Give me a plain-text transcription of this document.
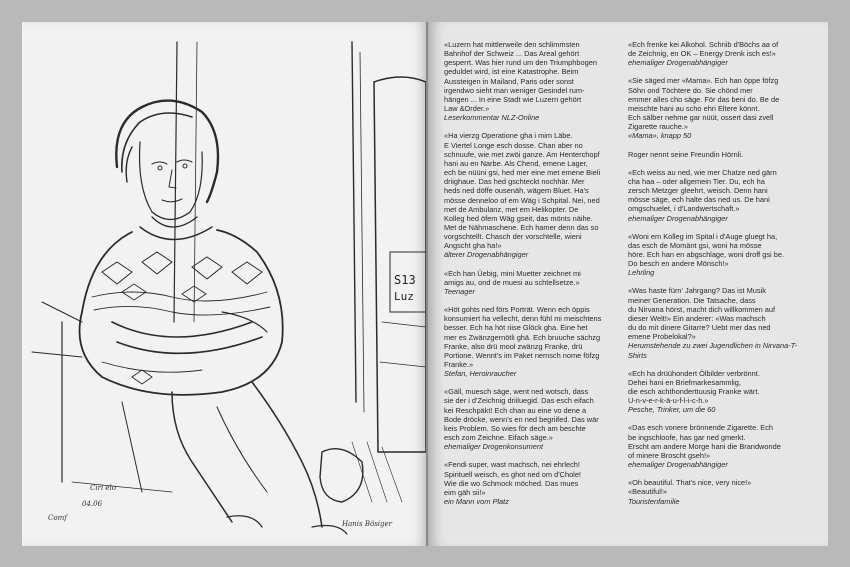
S13
Luz
Cirl elo
04.06
Comf
Hanis Bösiger
«Luzern hat mittlerweile den schlimmsten
Bahnhof der Schweiz ... Das Areal gehört
gesperrt. Was hier rund um den Triumphbogen
geduldet wird, ist eine Katastrophe. Beim
Aussteigen in Mailand, Paris oder sonst
irgendwo sieht man weniger Gesindel rum-
hängen ... In eine Stadt wie Luzern gehört
Law &Order.»
Leserkommentar NLZ-Online
«Ha vierzg Operatione gha i mim Läbe.
E Viertel Longe esch dosse. Chan aber no
schnuufe, wie met zwöi ganze. Am Henterchopf
hani au en Narbe. Als Chend, emene Lager,
ech be nüüni gsi, hed mer eine met emene Bieli
driighaue. Das hed gschteckt nochhär. Mer
heds ned döffe ousenäh, wägem Bluet. Ha's
mösse denneloo of em Wäg i Schpital. Nei, ned
met de Ambulanz, met em Helikopter. De
Kolleg hed öfem Wäg gseit, das mönts näihe.
Met de Nähmaschene. Ech hamer denn das so
vorgschtellt. Chasch der vorschtelle, wieni
Angscht gha ha!»
älterer Drogenabhängiger
«Ech han Üebig, mini Muetter zeichnet mi
amigs au, ond de muesi au schtellsetze.»
Teenager
«Höt gohts ned förs Porträt. Wenn ech öppis
konsumiert ha vellecht, denn fühl mi meischtens
besser. Ech ha höt riise Glöck gha. Eine het
mer es Zwänzgernötli ghä. Ech bruuche sächzg
Franke, also drü mool zwänzg Franke, drü
Portione. Wennt's im Paket nemsch nome föfzg
Franke.»
Stefan, Heroinraucher
«Gäll, muesch säge, went ned wotsch, dass
sie der i d'Zeichnig driiluegid. Das esch eifach
kei Reschpäkt! Ech chan au eine vo dene a
Bode dröcke, wenn's en ned begriifed. Das wär
keis Problem. So wies för dech am beschte
esch zom Zeichne. Eifach säge.»
ehemaliger Drogenkonsument
«Fendi super, wast machsch, nei ehrlech!
Spirituell weisch, es ghot ned om d'Chole!
Wie die wo Schmock möched. Das mues
eim gäh sii!»
ein Mann vom Platz
«Ech frenke kei Alkohol. Schriib d'Böchs aa of
de Zeichnig, en OK – Energy Drenk isch es!»
ehemaliger Drogenabhängiger
«Sie säged mer «Mama». Ech han öppe föfzg
Söhn ond Töchtere do. Sie chönd mer
emmer alles cho säge. För das beni do. Be de
meischte hani au scho ehri Eltere könnt.
Ech sälber nehme gar nüüt, ossert dasi zvell
Zigarette rauche.»
«Mama», knapp 50
Roger nennt seine Freundin Hörnli.
«Ech weiss au ned, wie mer Chatze ned gärn
cha haa – oder allgemein Tier. Du, ech ha
zersch Metzger gleehrt, weisch. Denn hani
mösse säge, ech halte das ned us. De hani
omgschuelet, i d'Landwertschaft.»
ehemaliger Drogenabhängiger
«Woni em Kolleg im Spital i d'Auge gluegt ha,
das esch de Momänt gsi, woni ha mösse
höre. Ech han en abgschlage, woni droff gsi be.
Do besch en andere Mönsch!»
Lehrling
«Was haste fürn' Jahrgang? Das ist Musik
meiner Generation. Die Tatsache, dass
du Nirvana hörst, macht dich willkommen auf
dieser Welt!» Ein anderer: «Was machsch
du do mit dinere Gitarre? Uebt mer das ned
emene Probelokal?»
Herumstehende zu zwei Jugendlichen in Nirvana-T-Shirts
«Ech ha drüühondert Ölbilder verbrönnt.
Dehei hani en Briefmarkesammlig,
die esch achthonderttuusig Franke wärt.
U-n-v-e-r-k-ä-u-f-l-i-c-h.»
Pesche, Trinker, um die 60
«Das esch vonere brönnende Zigarette. Ech
be ingschloofe, has gar ned gmerkt.
Erscht am andere Morge hani die Brandwonde
of minere Broscht gseh!»
ehemaliger Drogenabhängiger
«Oh beautiful. That's nice, very nice!»
«Beautiful!»
Touristenfamilie
